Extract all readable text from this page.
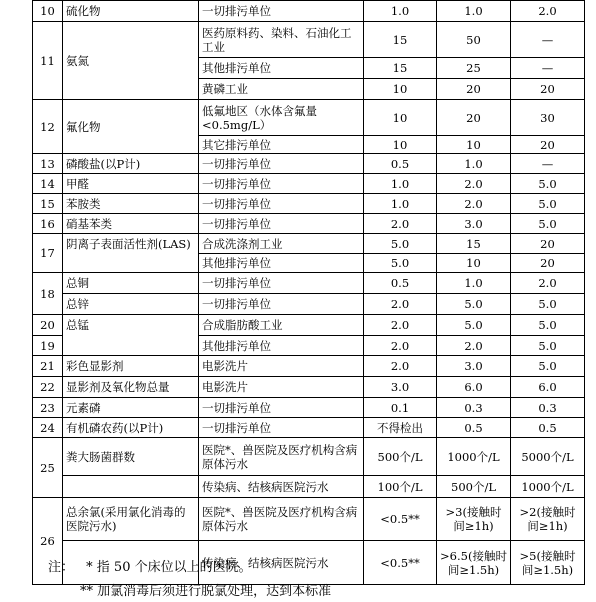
10	硫化物	一切排污单位	1.0	1.0	2.0
11	氨氮	医药原料药、染料、石油化工工业	15	50	—
		其他排污单位	15	25	—
		黄磷工业	10	20	20
12	氟化物	低氟地区（水体含氟量<0.5mg/L）	10	20	30
		其它排污单位	10	10	20
13	磷酸盐(以P计)	一切排污单位	0.5	1.0	—
14	甲醛	一切排污单位	1.0	2.0	5.0
15	苯胺类	一切排污单位	1.0	2.0	5.0
16	硝基苯类	一切排污单位	2.0	3.0	5.0
17	阴离子表面活性剂(LAS)	合成洗涤剂工业	5.0	15	20
		其他排污单位	5.0	10	20
18	总铜	一切排污单位	0.5	1.0	2.0
	总锌	一切排污单位	2.0	5.0	5.0
20	总锰	合成脂肪酸工业	2.0	5.0	5.0
19		其他排污单位	2.0	2.0	5.0
21	彩色显影剂	电影洗片	2.0	3.0	5.0
22	显影剂及氧化物总量	电影洗片	3.0	6.0	6.0
23	元素磷	一切排污单位	0.1	0.3	0.3
24	有机磷农药(以P计)	一切排污单位	不得检出	0.5	0.5
25	粪大肠菌群数	医院*、兽医院及医疗机构含病原体污水	500个/L	1000个/L	5000个/L
		传染病、结核病医院污水	100个/L	500个/L	1000个/L
26	总余氯(采用氯化消毒的医院污水)	医院*、兽医院及医疗机构含病原体污水	<0.5**	>3(接触时间≥1h)	>2(接触时间≥1h)
		传染病、结核病医院污水	<0.5**	>6.5(接触时间≥1.5h)	>5(接触时间≥1.5h)
注： * 指 50 个床位以上的医院。
** 加氯消毒后须进行脱氯处理，达到本标准
